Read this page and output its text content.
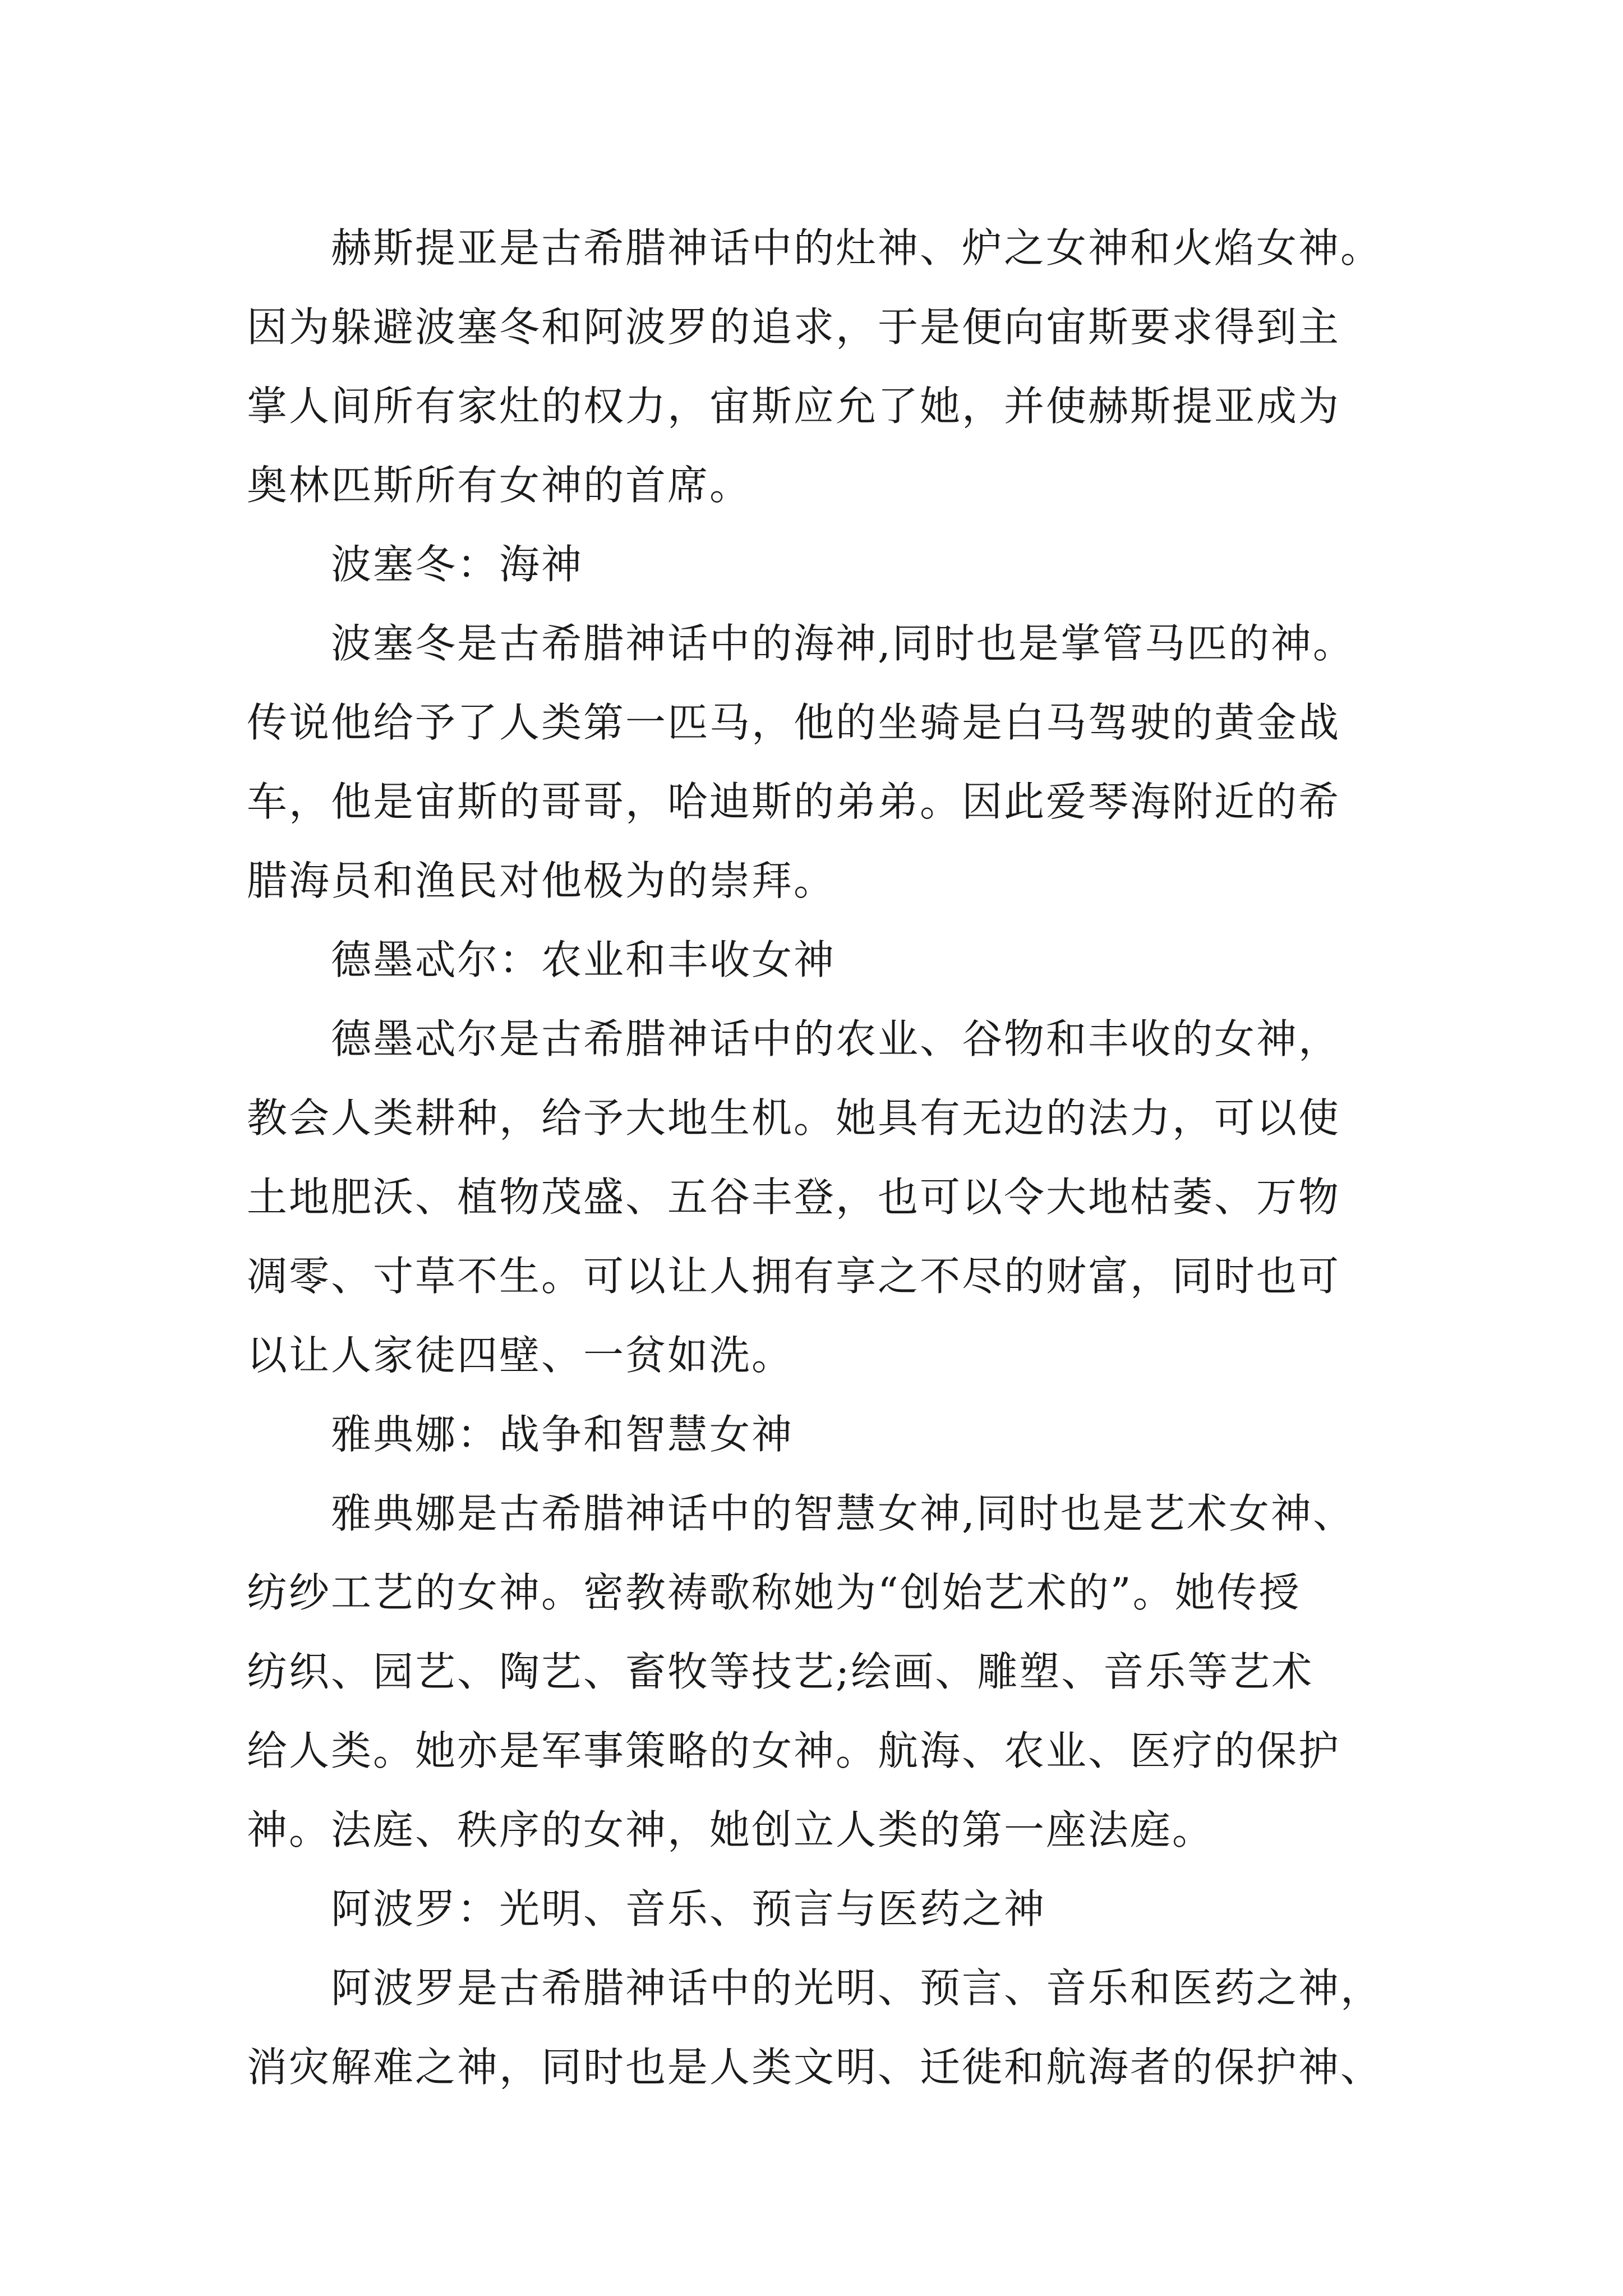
赫斯提亚是古希腊神话中的灶神、炉之女神和火焰女神。
因为躲避波塞冬和阿波罗的追求，于是便向宙斯要求得到主
掌人间所有家灶的权力，宙斯应允了她，并使赫斯提亚成为
奥林匹斯所有女神的首席。

波塞冬：海神

波塞冬是古希腊神话中的海神,同时也是掌管马匹的神。
传说他给予了人类第一匹马，他的坐骑是白马驾驶的黄金战
车，他是宙斯的哥哥，哈迪斯的弟弟。因此爱琴海附近的希
腊海员和渔民对他极为的崇拜。

德墨忒尔：农业和丰收女神

德墨忒尔是古希腊神话中的农业、谷物和丰收的女神，
教会人类耕种，给予大地生机。她具有无边的法力，可以使
土地肥沃、植物茂盛、五谷丰登，也可以令大地枯萎、万物
凋零、寸草不生。可以让人拥有享之不尽的财富，同时也可
以让人家徒四壁、一贫如洗。

雅典娜：战争和智慧女神

雅典娜是古希腊神话中的智慧女神,同时也是艺术女神、
纺纱工艺的女神。密教祷歌称她为“创始艺术的”。她传授
纺织、园艺、陶艺、畜牧等技艺;绘画、雕塑、音乐等艺术
给人类。她亦是军事策略的女神。航海、农业、医疗的保护
神。法庭、秩序的女神，她创立人类的第一座法庭。

阿波罗：光明、音乐、预言与医药之神

阿波罗是古希腊神话中的光明、预言、音乐和医药之神，
消灾解难之神，同时也是人类文明、迁徙和航海者的保护神、
